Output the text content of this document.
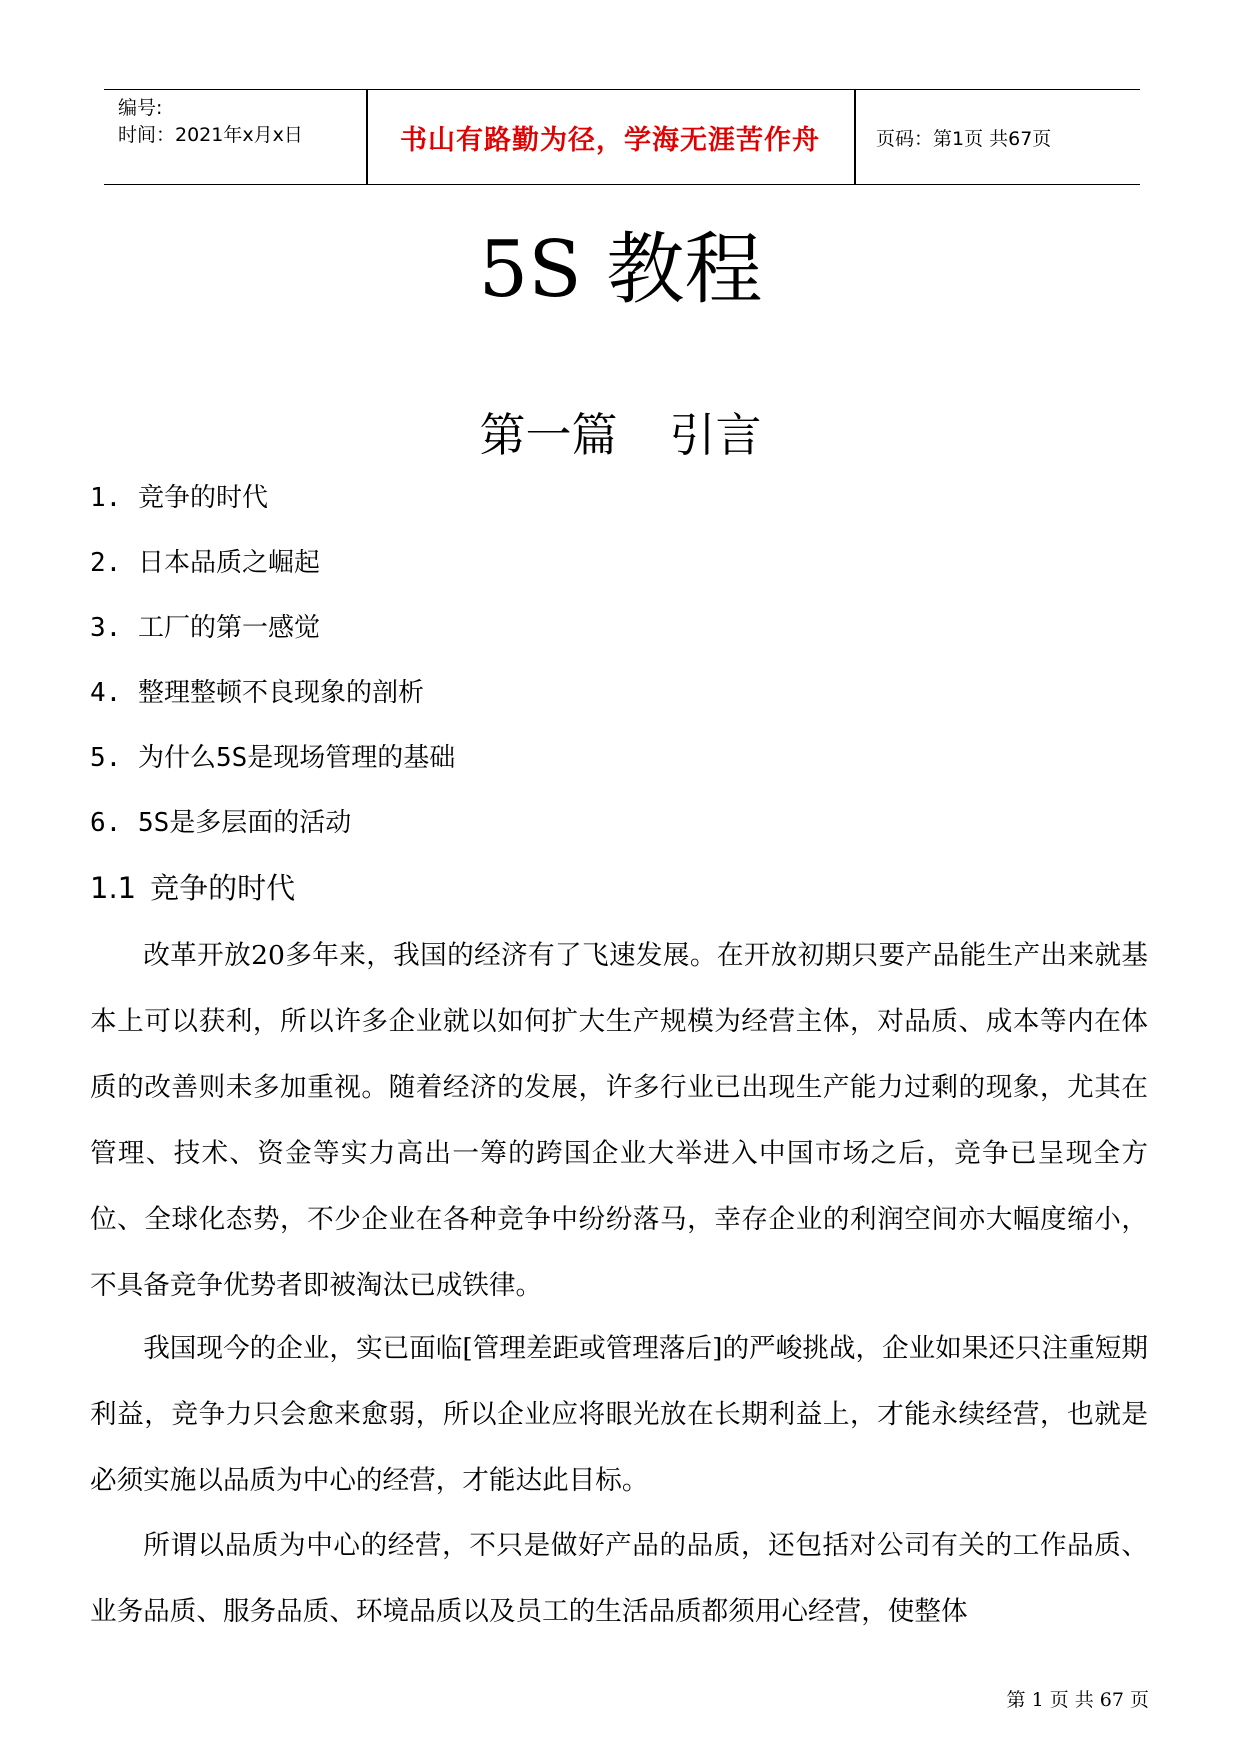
编号:
时间：2021年x月x日	书山有路勤为径，学海无涯苦作舟	页码：第1页 共67页
5S 教程
第一篇 引言
1. 竞争的时代
2. 日本品质之崛起
3. 工厂的第一感觉
4. 整理整顿不良现象的剖析
5. 为什么5S是现场管理的基础
6. 5S是多层面的活动
1.1 竞争的时代

改革开放20多年来，我国的经济有了飞速发展。在开放初期只要产品能生产出来就基本上可以获利，所以许多企业就以如何扩大生产规模为经营主体，对品质、成本等内在体质的改善则未多加重视。随着经济的发展，许多行业已出现生产能力过剩的现象，尤其在管理、技术、资金等实力高出一筹的跨国企业大举进入中国市场之后，竞争已呈现全方位、全球化态势，不少企业在各种竞争中纷纷落马，幸存企业的利润空间亦大幅度缩小，不具备竞争优势者即被淘汰已成铁律。

我国现今的企业，实已面临[管理差距或管理落后]的严峻挑战，企业如果还只注重短期利益，竞争力只会愈来愈弱，所以企业应将眼光放在长期利益上，才能永续经营，也就是必须实施以品质为中心的经营，才能达此目标。

所谓以品质为中心的经营，不只是做好产品的品质，还包括对公司有关的工作品质、业务品质、服务品质、环境品质以及员工的生活品质都须用心经营，使整体

第 1 页 共 67 页
